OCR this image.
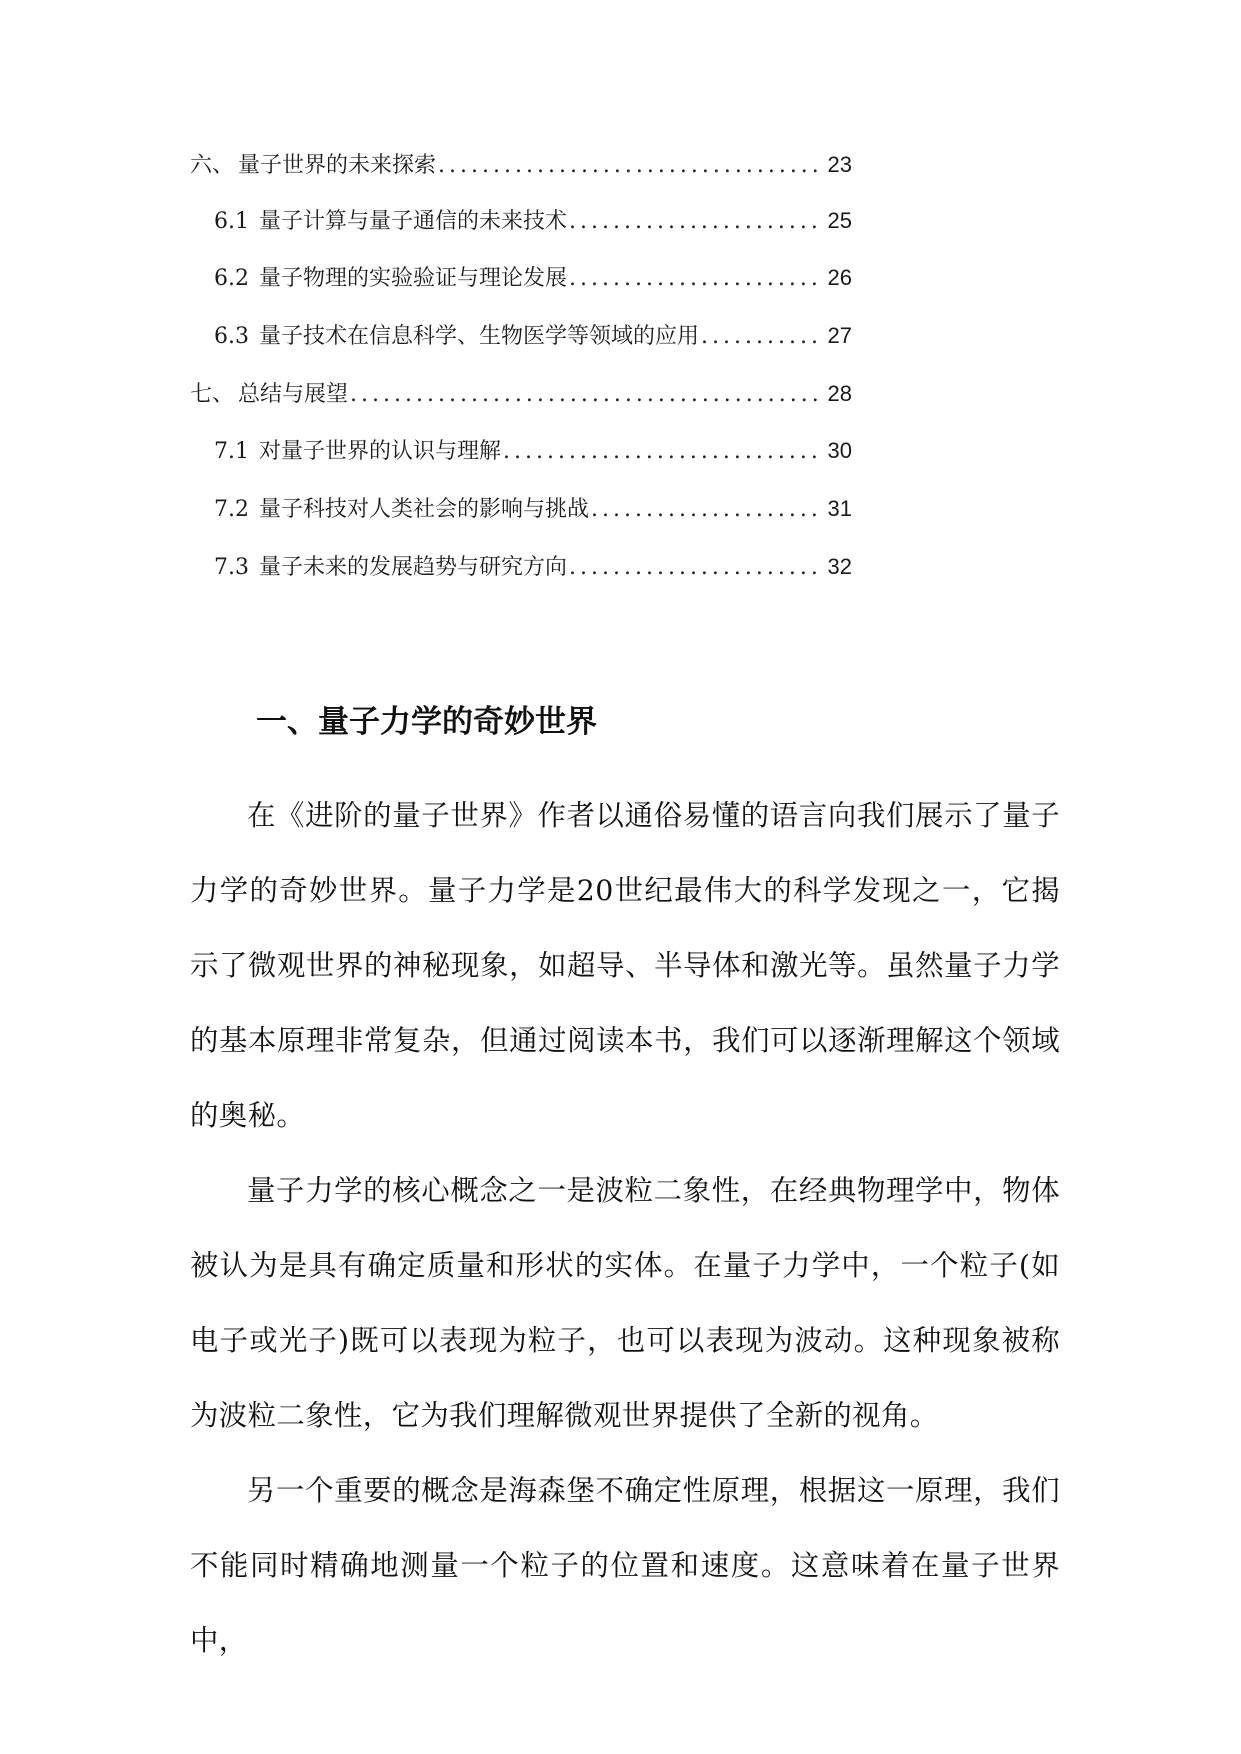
六、 量子世界的未来探索 .....	23
6.1 量子计算与量子通信的未来技术 .....	25
6.2 量子物理的实验验证与理论发展 .....	26
6.3 量子技术在信息科学、生物医学等领域的应用 .....	27
七、 总结与展望 .....	28
7.1 对量子世界的认识与理解 .....	30
7.2 量子科技对人类社会的影响与挑战 .....	31
7.3 量子未来的发展趋势与研究方向 .....	32
一、量子力学的奇妙世界

在《进阶的量子世界》作者以通俗易懂的语言向我们展示了量子力学的奇妙世界。量子力学是20世纪最伟大的科学发现之一，它揭示了微观世界的神秘现象，如超导、半导体和激光等。虽然量子力学的基本原理非常复杂，但通过阅读本书，我们可以逐渐理解这个领域的奥秘。

量子力学的核心概念之一是波粒二象性，在经典物理学中，物体被认为是具有确定质量和形状的实体。在量子力学中，一个粒子(如电子或光子)既可以表现为粒子，也可以表现为波动。这种现象被称为波粒二象性，它为我们理解微观世界提供了全新的视角。

另一个重要的概念是海森堡不确定性原理，根据这一原理，我们不能同时精确地测量一个粒子的位置和速度。这意味着在量子世界中，
